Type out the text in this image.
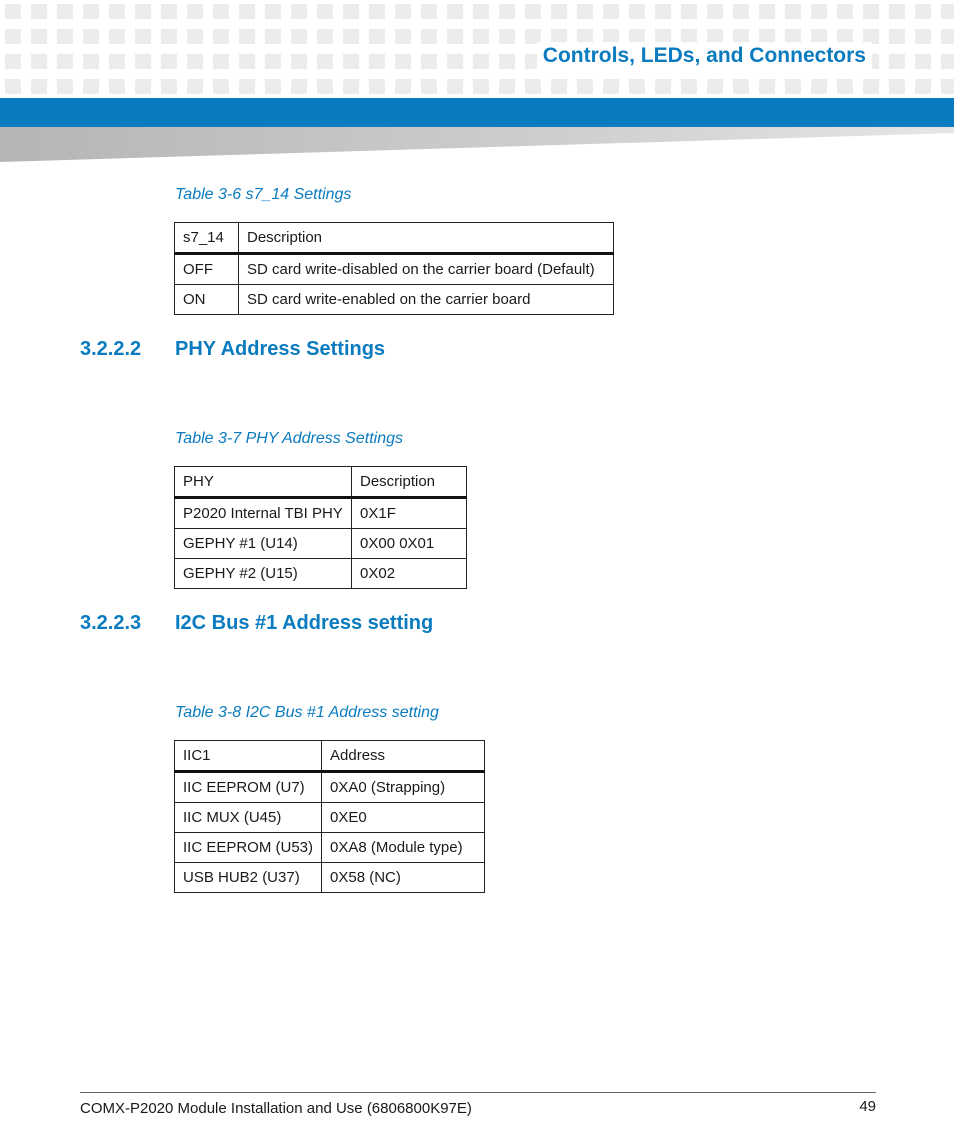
Controls, LEDs, and Connectors
Table 3-6 s7_14 Settings
s7_14	Description
OFF	SD card write-disabled on the carrier board (Default)
ON	SD card write-enabled on the carrier board
3.2.2.2 PHY Address Settings
Table 3-7 PHY Address Settings
PHY	Description
P2020 Internal TBI PHY	0X1F
GEPHY #1 (U14)	0X00 0X01
GEPHY #2 (U15)	0X02
3.2.2.3 I2C Bus #1 Address setting
Table 3-8 I2C Bus #1 Address setting
IIC1	Address
IIC EEPROM (U7)	0XA0 (Strapping)
IIC MUX (U45)	0XE0
IIC EEPROM (U53)	0XA8 (Module type)
USB HUB2 (U37)	0X58 (NC)
COMX-P2020 Module Installation and Use (6806800K97E)	49
